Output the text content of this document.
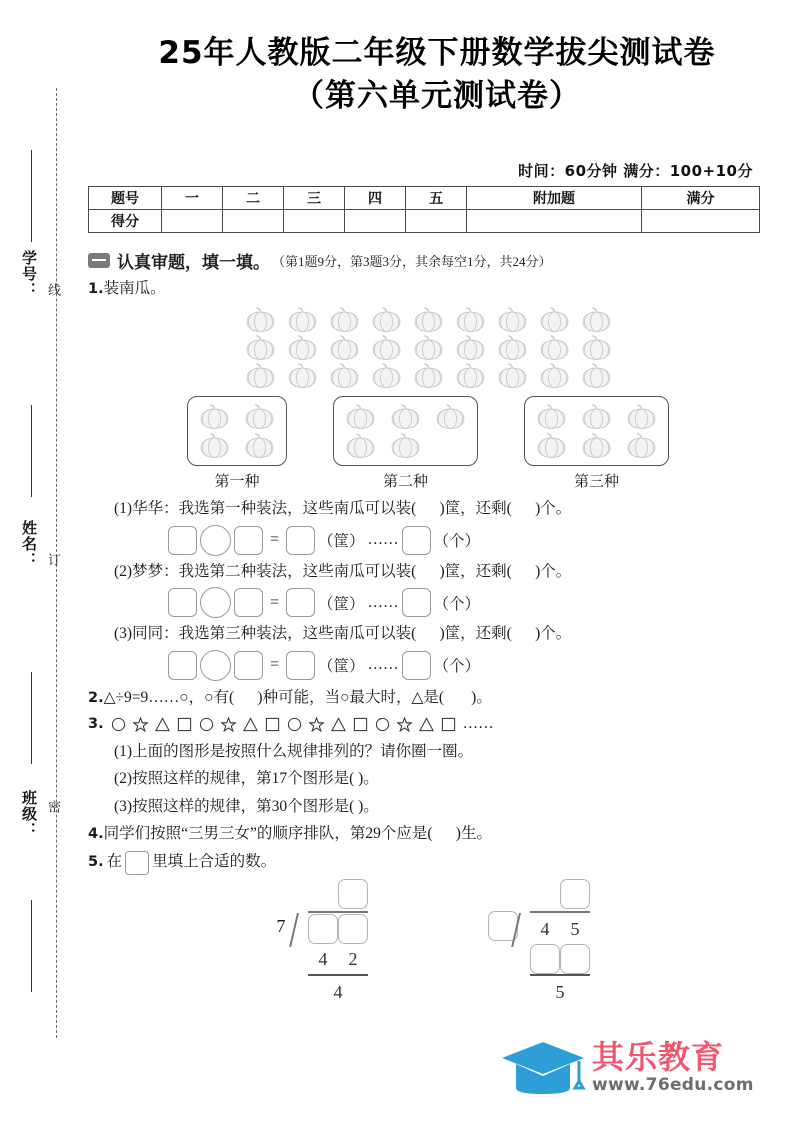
学号：
姓名：
班级：
线
订
密
25年人教版二年级下册数学拔尖测试卷
（第六单元测试卷）
时间：60分钟 满分：100+10分
题号	一	二	三	四	五	附加题	满分
得分							
认真审题，填一填。 （第1题9分，第3题3分，其余每空1分，共24分）
1.装南瓜。
第一种	第二种	第三种
(1)华华：我选第一种装法，这些南瓜可以装( )筐，还剩( )个。
=	（筐） …… （个）
(2)梦梦：我选第二种装法，这些南瓜可以装( )筐，还剩( )个。
=	（筐） …… （个）
(3)同同：我选第三种装法，这些南瓜可以装( )筐，还剩( )个。
=	（筐） …… （个）
2.△÷9=9……○，○有( )种可能，当○最大时，△是( )。
3.	……
(1)上面的图形是按照什么规律排列的？请你圈一圈。
(2)按照这样的规律，第17个图形是( )。
(3)按照这样的规律，第30个图形是( )。
4.同学们按照“三男三女”的顺序排队，第29个应是( )生。
5. 在 里填上合适的数。
7
4	2
4
4	5
5
其乐教育
www.76edu.com
